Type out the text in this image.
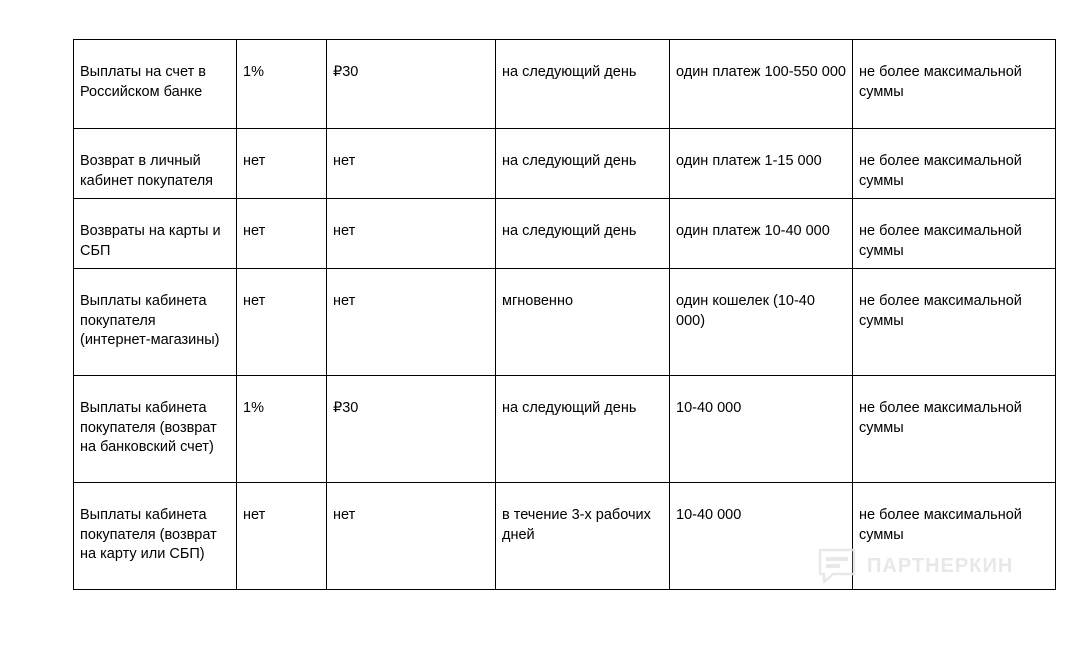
Выплаты на счет в Российском банке	1%	₽30	на следующий день	один платеж 100-550 000	не более максимальной суммы
Возврат в личный кабинет покупателя	нет	нет	на следующий день	один платеж 1-15 000	не более максимальной суммы
Возвраты на карты и СБП	нет	нет	на следующий день	один платеж 10-40 000	не более максимальной суммы
Выплаты кабинета покупателя (интернет-магазины)	нет	нет	мгновенно	один кошелек (10-40 000)	не более максимальной суммы
Выплаты кабинета покупателя (возврат на банковский счет)	1%	₽30	на следующий день	10-40 000	не более максимальной суммы
Выплаты кабинета покупателя (возврат на карту или СБП)	нет	нет	в течение 3-х рабочих дней	10-40 000	не более максимальной суммы
ПАРТНЕРКИН
